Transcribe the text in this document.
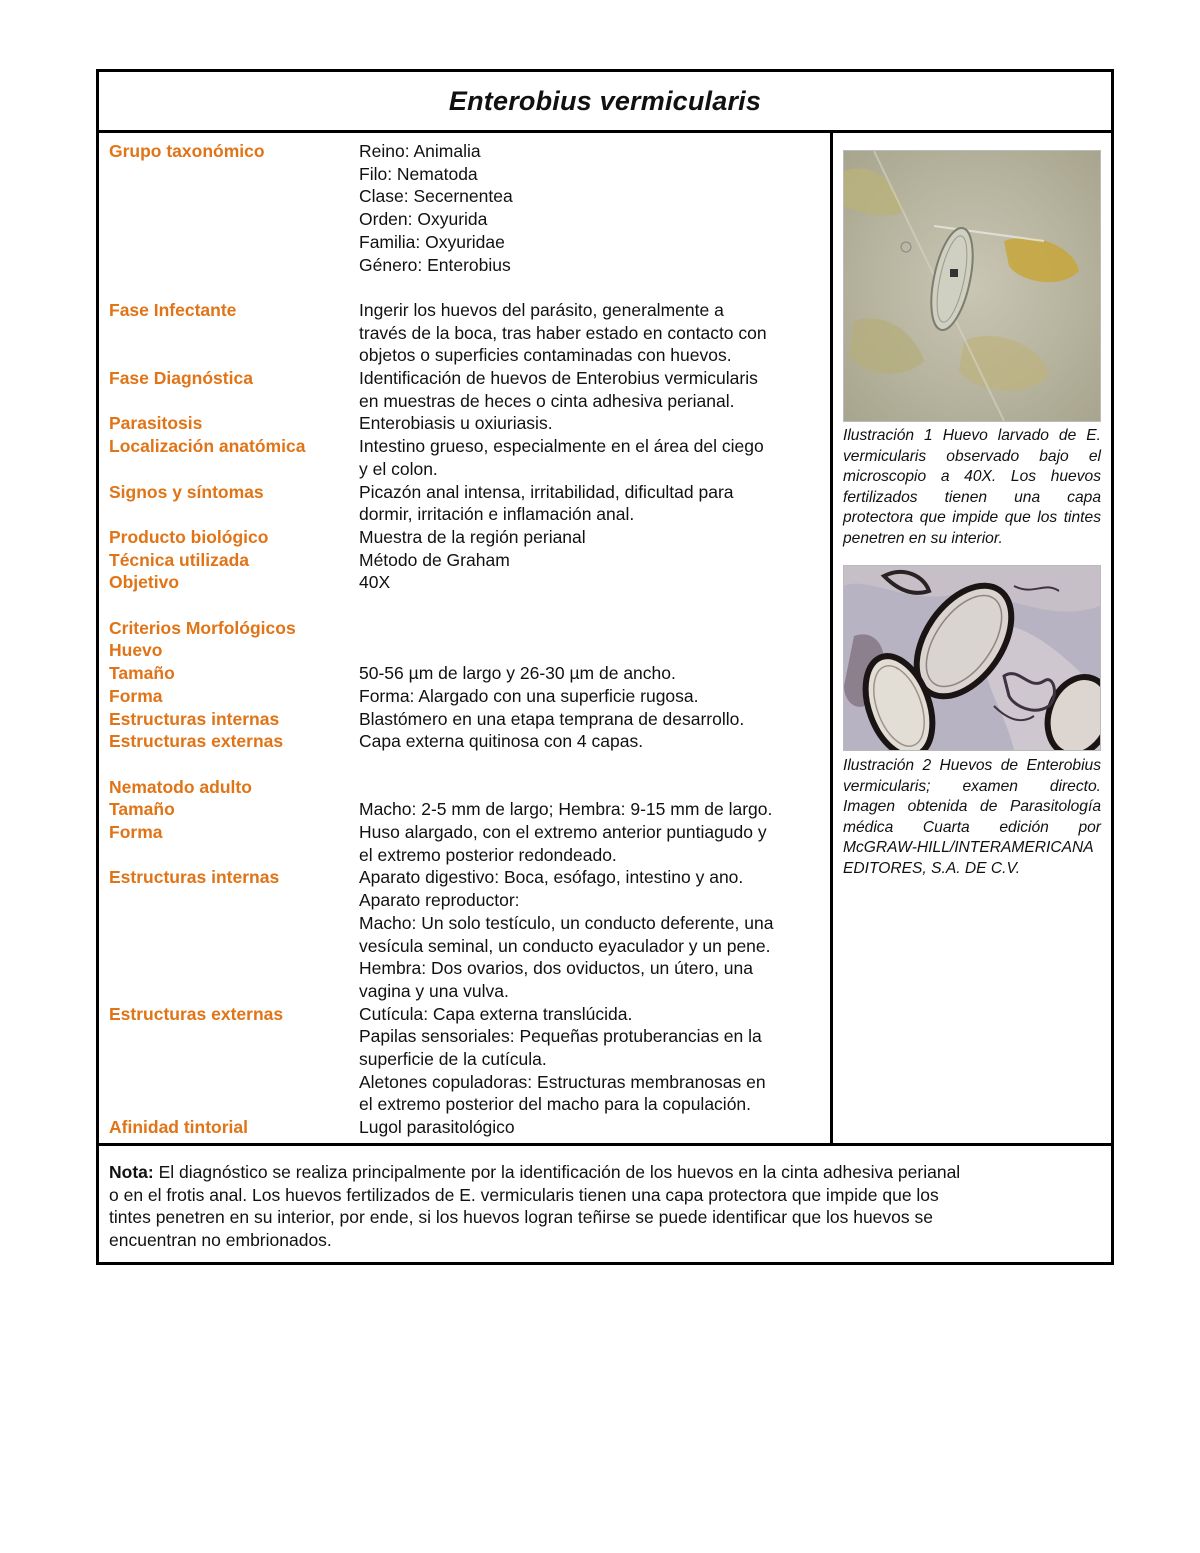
Enterobius vermicularis
Grupo taxonómico	Reino: Animalia
Filo: Nematoda
Clase: Secernentea
Orden: Oxyurida
Familia: Oxyuridae
Género: Enterobius
Fase Infectante	Ingerir los huevos del parásito, generalmente a
través de la boca, tras haber estado en contacto con
objetos o superficies contaminadas con huevos.
Fase Diagnóstica	Identificación de huevos de Enterobius vermicularis
en muestras de heces o cinta adhesiva perianal.
Parasitosis	Enterobiasis u oxiuriasis.
Localización anatómica	Intestino grueso, especialmente en el área del ciego
y el colon.
Signos y síntomas	Picazón anal intensa, irritabilidad, dificultad para
dormir, irritación e inflamación anal.
Producto biológico	Muestra de la región perianal
Técnica utilizada	Método de Graham
Objetivo	40X
Criterios Morfológicos

Huevo

Tamaño	50-56 µm de largo y 26-30 µm de ancho.
Forma	Forma: Alargado con una superficie rugosa.
Estructuras internas	Blastómero en una etapa temprana de desarrollo.
Estructuras externas	Capa externa quitinosa con 4 capas.
Nematodo adulto

Tamaño	Macho: 2-5 mm de largo; Hembra: 9-15 mm de largo.
Forma	Huso alargado, con el extremo anterior puntiagudo y
el extremo posterior redondeado.
Estructuras internas	Aparato digestivo: Boca, esófago, intestino y ano.
Aparato reproductor:
Macho: Un solo testículo, un conducto deferente, una
vesícula seminal, un conducto eyaculador y un pene.
Hembra: Dos ovarios, dos oviductos, un útero, una
vagina y una vulva.
Estructuras externas	Cutícula: Capa externa translúcida.
Papilas sensoriales: Pequeñas protuberancias en la
superficie de la cutícula.
Aletones copuladoras: Estructuras membranosas en
el extremo posterior del macho para la copulación.
Afinidad tintorial	Lugol parasitológico
Ilustración 1 Huevo larvado de E. vermicularis observado bajo el microscopio a 40X. Los huevos fertilizados tienen una capa protectora que impide que los tintes penetren en su interior.
Ilustración 2 Huevos de Enterobius vermicularis; examen directo. Imagen obtenida de Parasitología médica Cuarta edición por McGRAW-HILL/INTERAMERICANA EDITORES, S.A. DE C.V.
Nota: El diagnóstico se realiza principalmente por la identificación de los huevos en la cinta adhesiva perianal
o en el frotis anal. Los huevos fertilizados de E. vermicularis tienen una capa protectora que impide que los
tintes penetren en su interior, por ende, si los huevos logran teñirse se puede identificar que los huevos se
encuentran no embrionados.
